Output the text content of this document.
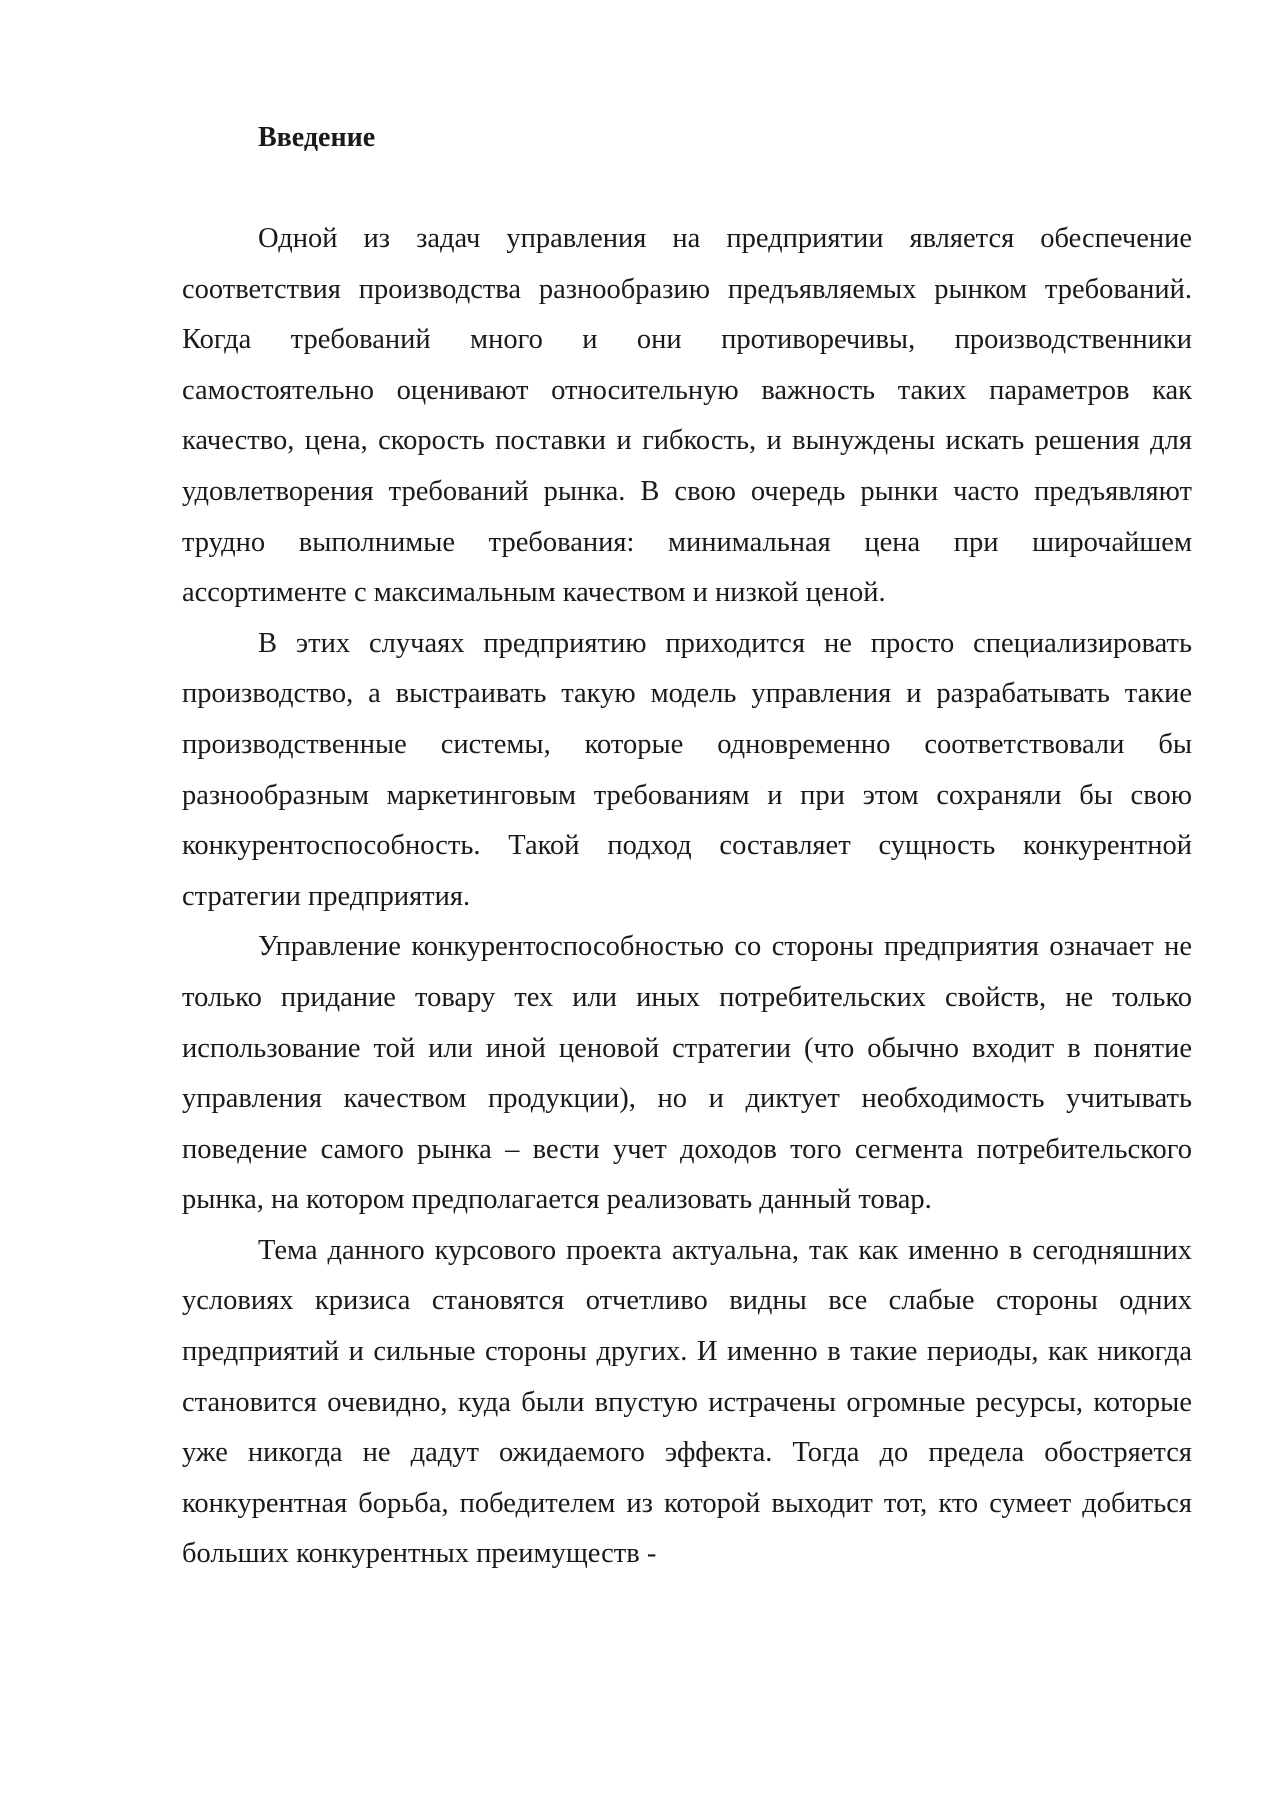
Введение

Одной из задач управления на предприятии является обеспечение соответствия производства разнообразию предъявляемых рынком требований. Когда требований много и они противоречивы, производственники самостоятельно оценивают относительную важность таких параметров как качество, цена, скорость поставки и гибкость, и вынуждены искать решения для удовлетворения требований рынка. В свою очередь рынки часто предъявляют трудно выполнимые требования: минимальная цена при широчайшем ассортименте с максимальным качеством и низкой ценой.

В этих случаях предприятию приходится не просто специализировать производство, а выстраивать такую модель управления и разрабатывать такие производственные системы, которые одновременно соответствовали бы разнообразным маркетинговым требованиям и при этом сохраняли бы свою конкурентоспособность. Такой подход составляет сущность конкурентной стратегии предприятия.

Управление конкурентоспособностью со стороны предприятия означает не только придание товару тех или иных потребительских свойств, не только использование той или иной ценовой стратегии (что обычно входит в понятие управления качеством продукции), но и диктует необходимость учитывать поведение самого рынка – вести учет доходов того сегмента потребительского рынка, на котором предполагается реализовать данный товар.

Тема данного курсового проекта актуальна, так как именно в сегодняшних условиях кризиса становятся отчетливо видны все слабые стороны одних предприятий и сильные стороны других. И именно в такие периоды, как никогда становится очевидно, куда были впустую истрачены огромные ресурсы, которые уже никогда не дадут ожидаемого эффекта. Тогда до предела обостряется конкурентная борьба, победителем из которой выходит тот, кто сумеет добиться больших конкурентных преимуществ -
